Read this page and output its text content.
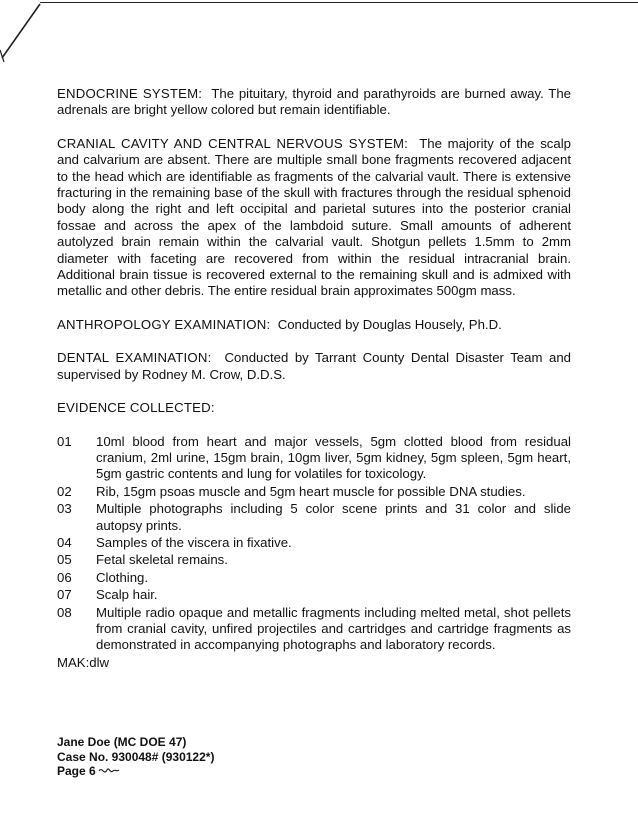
ENDOCRINE SYSTEM: The pituitary, thyroid and parathyroids are burned away. The adrenals are bright yellow colored but remain identifiable.

CRANIAL CAVITY AND CENTRAL NERVOUS SYSTEM: The majority of the scalp and calvarium are absent. There are multiple small bone fragments recovered adjacent to the head which are identifiable as fragments of the calvarial vault. There is extensive fracturing in the remaining base of the skull with fractures through the residual sphenoid body along the right and left occipital and parietal sutures into the posterior cranial fossae and across the apex of the lambdoid suture. Small amounts of adherent autolyzed brain remain within the calvarial vault. Shotgun pellets 1.5mm to 2mm diameter with faceting are recovered from within the residual intracranial brain. Additional brain tissue is recovered external to the remaining skull and is admixed with metallic and other debris. The entire residual brain approximates 500gm mass.

ANTHROPOLOGY EXAMINATION: Conducted by Douglas Housely, Ph.D.

DENTAL EXAMINATION: Conducted by Tarrant County Dental Disaster Team and supervised by Rodney M. Crow, D.D.S.

EVIDENCE COLLECTED:

01	10ml blood from heart and major vessels, 5gm clotted blood from residual cranium, 2ml urine, 15gm brain, 10gm liver, 5gm kidney, 5gm spleen, 5gm heart, 5gm gastric contents and lung for volatiles for toxicology.
02	Rib, 15gm psoas muscle and 5gm heart muscle for possible DNA studies.
03	Multiple photographs including 5 color scene prints and 31 color and slide autopsy prints.
04	Samples of the viscera in fixative.
05	Fetal skeletal remains.
06	Clothing.
07	Scalp hair.
08	Multiple radio opaque and metallic fragments including melted metal, shot pellets from cranial cavity, unfired projectiles and cartridges and cartridge fragments as demonstrated in accompanying photographs and laboratory records.
MAK:dlw
Jane Doe (MC DOE 47)
Case No. 930048# (930122*)
Page 6
